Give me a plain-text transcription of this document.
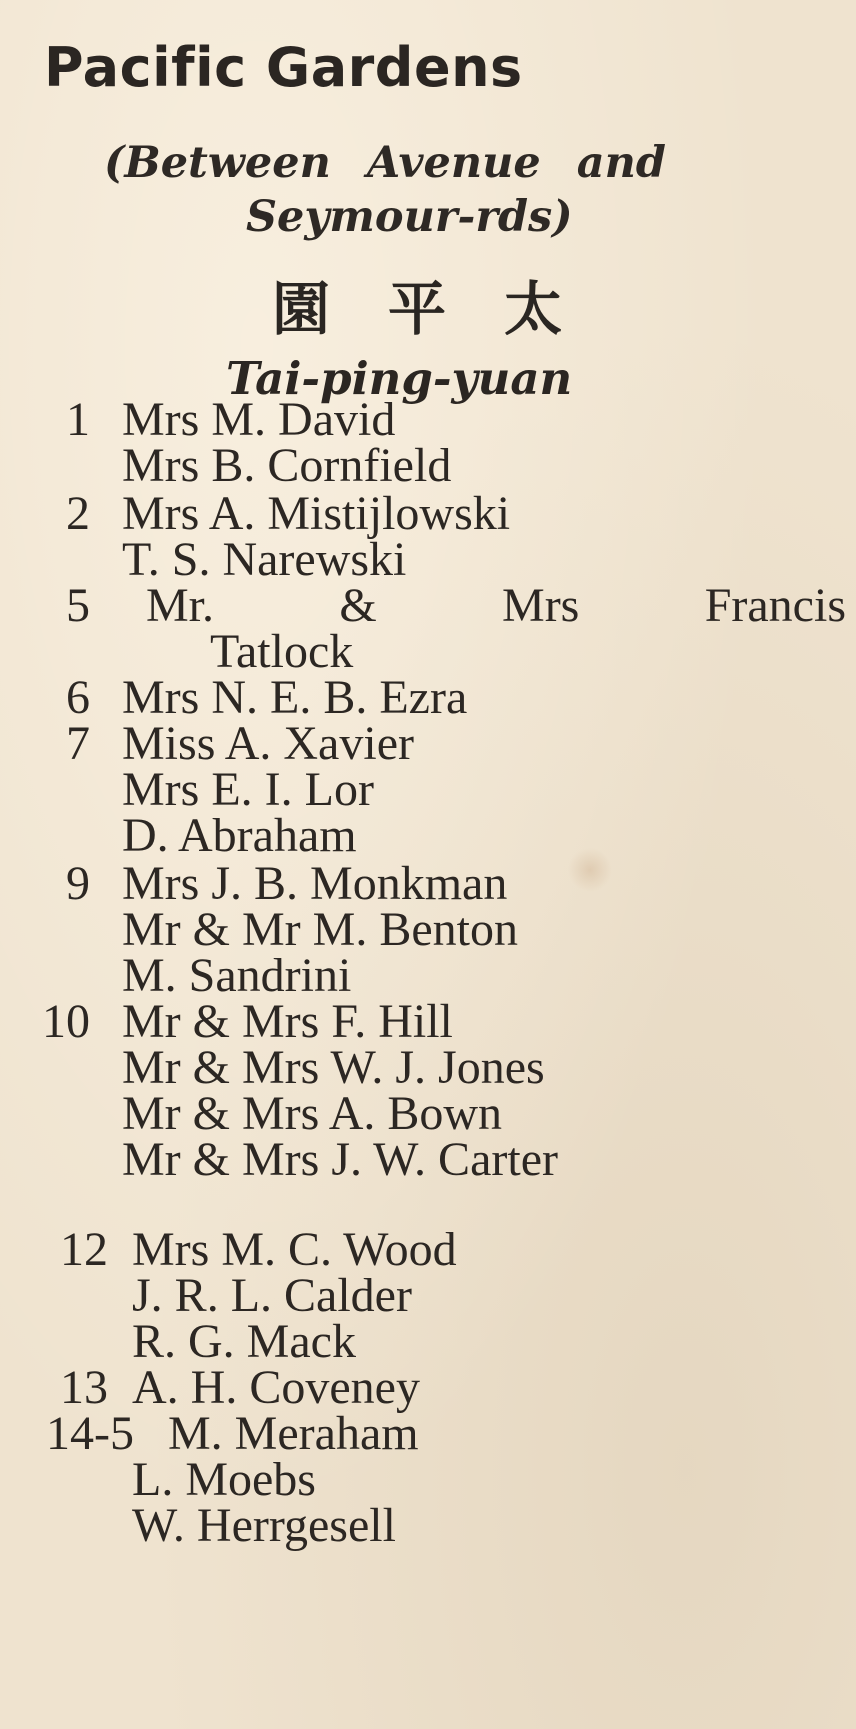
Pacific Gardens
(Between Avenue and
Seymour-rds)
園平太
Tai-ping-yuan
1 Mrs M. David
Mrs B. Cornfield
2 Mrs A. Mistijlowski
T. S. Narewski
5 Mr. & Mrs Francis
Tatlock
6 Mrs N. E. B. Ezra
7 Miss A. Xavier
Mrs E. I. Lor
D. Abraham
9 Mrs J. B. Monkman
Mr & Mr M. Benton
M. Sandrini
10 Mr & Mrs F. Hill
Mr & Mrs W. J. Jones
Mr & Mrs A. Bown
Mr & Mrs J. W. Carter
12 Mrs M. C. Wood
J. R. L. Calder
R. G. Mack
13 A. H. Coveney
14-5 M. Meraham
L. Moebs
W. Herrgesell
